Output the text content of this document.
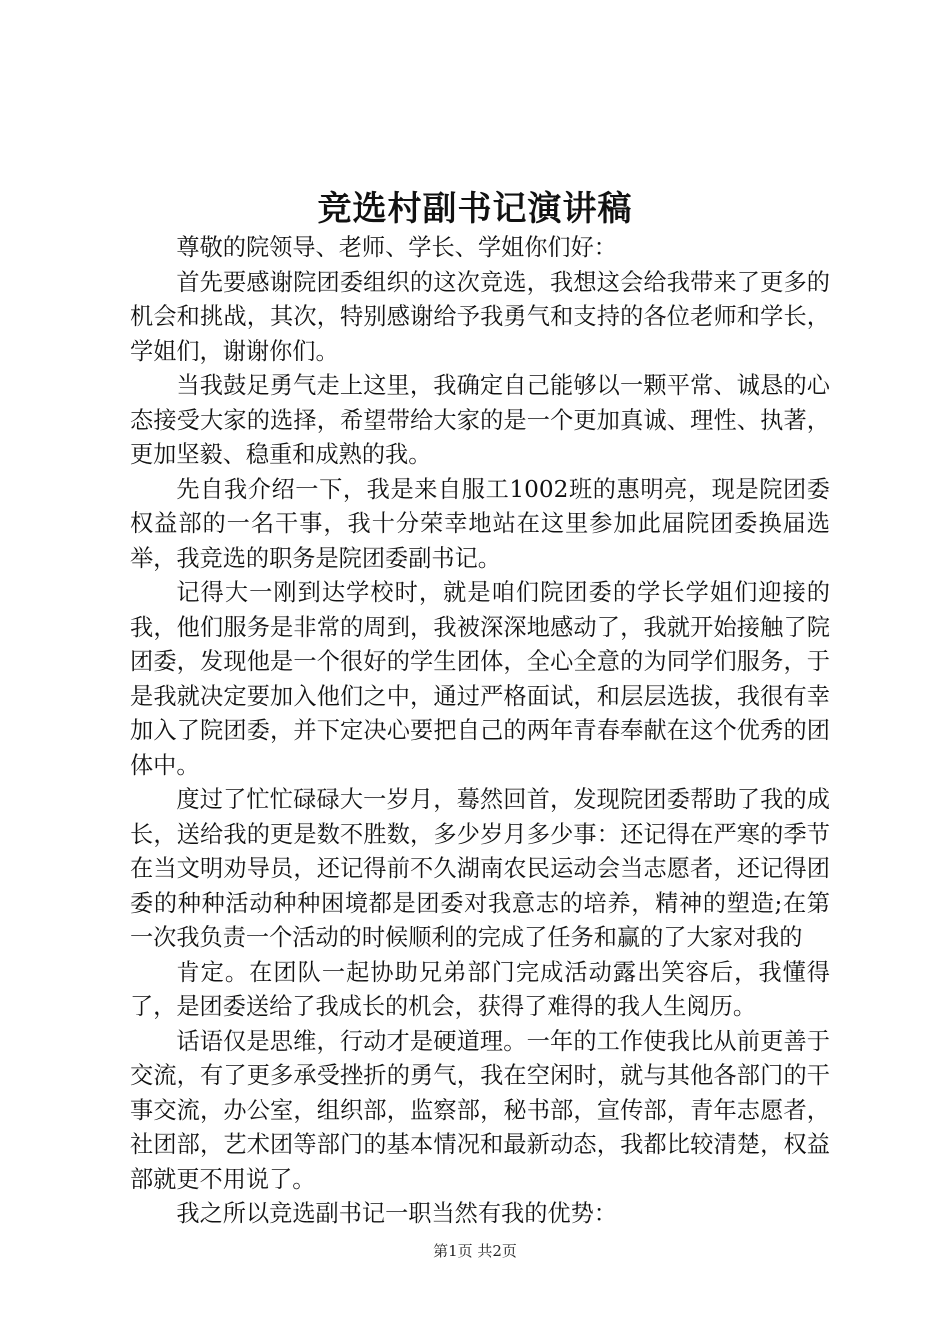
竞选村副书记演讲稿

尊敬的院领导、老师、学长、学姐你们好：

首先要感谢院团委组织的这次竞选，我想这会给我带来了更多的机会和挑战，其次，特别感谢给予我勇气和支持的各位老师和学长，学姐们，谢谢你们。

当我鼓足勇气走上这里，我确定自己能够以一颗平常、诚恳的心态接受大家的选择，希望带给大家的是一个更加真诚、理性、执著，更加坚毅、稳重和成熟的我。

先自我介绍一下，我是来自服工1002班的惠明亮，现是院团委权益部的一名干事，我十分荣幸地站在这里参加此届院团委换届选举，我竞选的职务是院团委副书记。

记得大一刚到达学校时，就是咱们院团委的学长学姐们迎接的我，他们服务是非常的周到，我被深深地感动了，我就开始接触了院团委，发现他是一个很好的学生团体，全心全意的为同学们服务，于是我就决定要加入他们之中，通过严格面试，和层层选拔，我很有幸加入了院团委，并下定决心要把自己的两年青春奉献在这个优秀的团体中。

度过了忙忙碌碌大一岁月，蓦然回首，发现院团委帮助了我的成长，送给我的更是数不胜数，多少岁月多少事：还记得在严寒的季节在当文明劝导员，还记得前不久湖南农民运动会当志愿者，还记得团委的种种活动种种困境都是团委对我意志的培养，精神的塑造;在第一次我负责一个活动的时候顺利的完成了任务和赢的了大家对我的

肯定。在团队一起协助兄弟部门完成活动露出笑容后，我懂得了，是团委送给了我成长的机会，获得了难得的我人生阅历。

话语仅是思维，行动才是硬道理。一年的工作使我比从前更善于交流，有了更多承受挫折的勇气，我在空闲时，就与其他各部门的干事交流，办公室，组织部，监察部，秘书部，宣传部，青年志愿者，社团部，艺术团等部门的基本情况和最新动态，我都比较清楚，权益部就更不用说了。

我之所以竞选副书记一职当然有我的优势：

第1页 共2页
